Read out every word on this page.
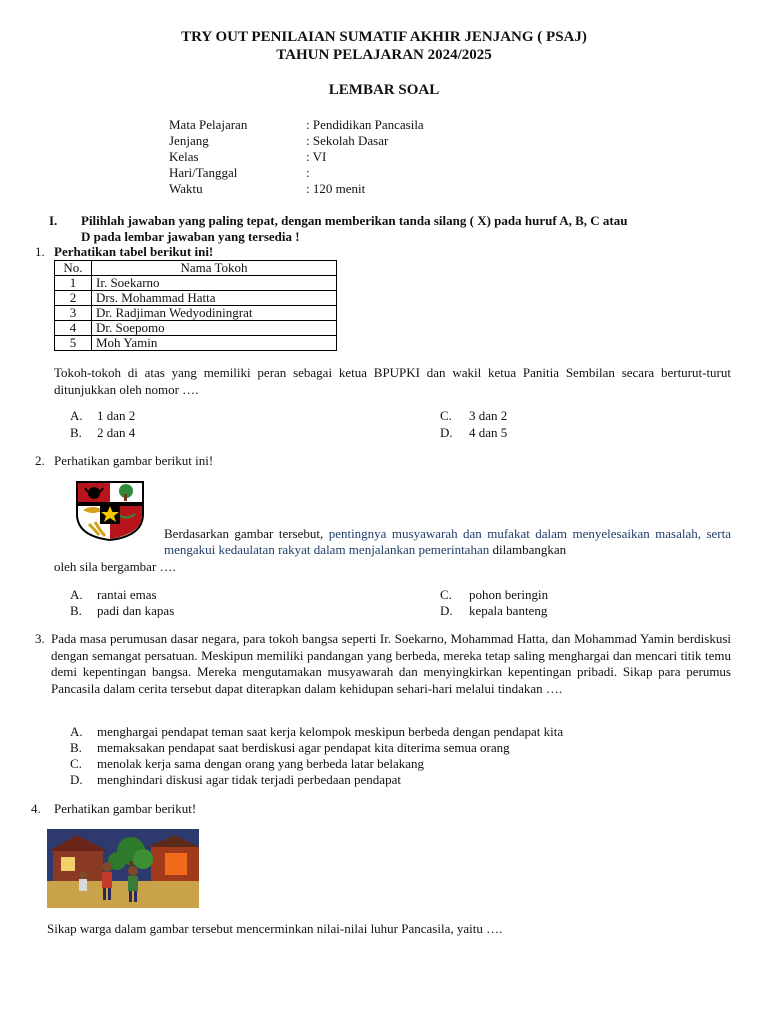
TRY OUT PENILAIAN SUMATIF AKHIR JENJANG ( PSAJ)
TAHUN PELAJARAN 2024/2025
LEMBAR SOAL
Mata Pelajaran	: Pendidikan Pancasila
Jenjang	: Sekolah Dasar
Kelas	: VI
Hari/Tanggal	:
Waktu	: 120 menit
I. Pilihlah jawaban yang paling tepat, dengan memberikan tanda silang ( X) pada huruf A, B, C atau
D pada lembar jawaban yang tersedia !
1. Perhatikan tabel berikut ini!
No.	Nama Tokoh
1	Ir. Soekarno
2	Drs. Mohammad Hatta
3	Dr. Radjiman Wedyodiningrat
4	Dr. Soepomo
5	Moh Yamin
Tokoh-tokoh di atas yang memiliki peran sebagai ketua BPUPKI dan wakil ketua Panitia Sembilan secara berturut-turut ditunjukkan oleh nomor ….
A. 1 dan 2
B. 2 dan 4
C. 3 dan 2
D. 4 dan 5
2. Perhatikan gambar berikut ini!
Berdasarkan gambar tersebut, pentingnya musyawarah dan mufakat dalam menyelesaikan masalah, serta mengakui kedaulatan rakyat dalam menjalankan pemerintahan dilambangkan
oleh sila bergambar ….
A. rantai emas
B. padi dan kapas
C. pohon beringin
D. kepala banteng
3. Pada masa perumusan dasar negara, para tokoh bangsa seperti Ir. Soekarno, Mohammad Hatta, dan Mohammad Yamin berdiskusi dengan semangat persatuan. Meskipun memiliki pandangan yang berbeda, mereka tetap saling menghargai dan mencari titik temu demi kepentingan bangsa. Mereka mengutamakan musyawarah dan menyingkirkan kepentingan pribadi. Sikap para perumus Pancasila dalam cerita tersebut dapat diterapkan dalam kehidupan sehari-hari melalui tindakan ….
A. menghargai pendapat teman saat kerja kelompok meskipun berbeda dengan pendapat kita
B. memaksakan pendapat saat berdiskusi agar pendapat kita diterima semua orang
C. menolak kerja sama dengan orang yang berbeda latar belakang
D. menghindari diskusi agar tidak terjadi perbedaan pendapat
4. Perhatikan gambar berikut!
Sikap warga dalam gambar tersebut mencerminkan nilai-nilai luhur Pancasila, yaitu ….
